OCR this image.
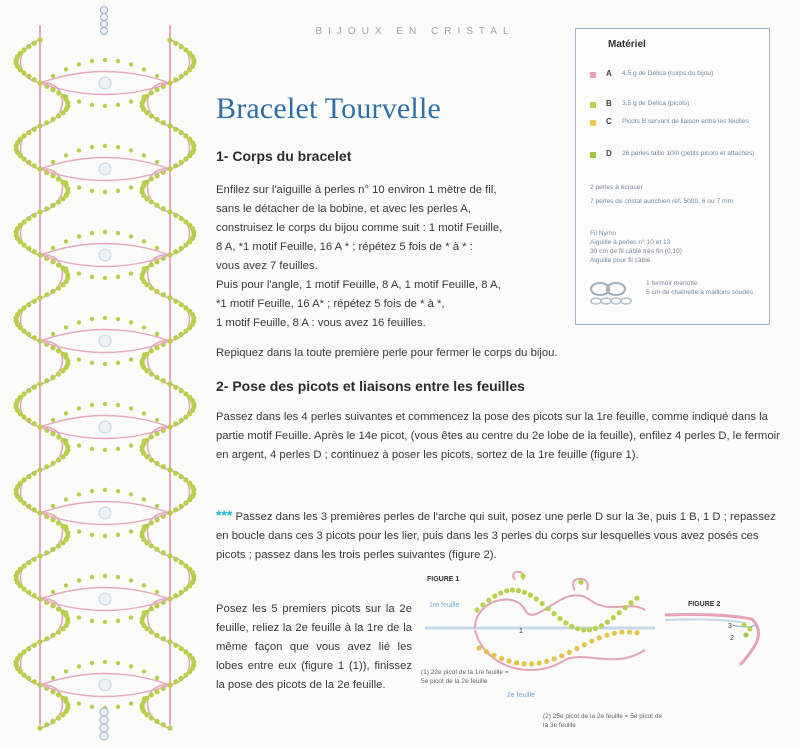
BIJOUX EN CRISTAL
Bracelet Tourvelle
1- Corps du bracelet

Enfilez sur l'aiguille à perles n° 10 environ 1 mètre de fil,
sans le détacher de la bobine, et avec les perles A,
construisez le corps du bijou comme suit : 1 motif Feuille,
8 A, *1 motif Feuille, 16 A * ; répétez 5 fois de * à * :
vous avez 7 feuilles.
Puis pour l'angle, 1 motif Feuille, 8 A, 1 motif Feuille, 8 A,
*1 motif Feuille, 16 A* ; répétez 5 fois de * à *,
1 motif Feuille, 8 A : vous avez 16 feuilles.

Repiquez dans la toute première perle pour fermer le corps du bijou.

2- Pose des picots et liaisons entre les feuilles

Passez dans les 4 perles suivantes et commencez la pose des picots sur la 1re feuille, comme indiqué dans la partie motif Feuille. Après le 14e picot, (vous êtes au centre du 2e lobe de la feuille), enfilez 4 perles D, le fermoir en argent, 4 perles D ; continuez à poser les picots, sortez de la 1re feuille (figure 1).

*** Passez dans les 3 premières perles de l'arche qui suit, posez une perle D sur la 3e, puis 1 B, 1 D ; repassez en boucle dans ces 3 picots pour les lier, puis dans les 3 perles du corps sur lesquelles vous avez posés ces picots ; passez dans les trois perles suivantes (figure 2).

Posez les 5 premiers picots sur la 2e feuille, reliez la 2e feuille à la 1re de la même façon que vous avez lié les lobes entre eux (figure 1 (1)), finissez la pose des picots de la 2e feuille.

Matériel
A 4,5 g de Delica (corps du bijou)
B 3,5 g de Delica (picots)
C Picots B servant de liaison entre les feuilles
D 26 perles taille 10/0 (petits picots et attaches)
2 perles à écraser
7 perles de cristal aurichien réf. 5000, 6 ou 7 mm
Fil Nymo
Aiguille à perles n° 10 et 13
30 cm de fil câblé très fin (0,10)
Aiguille pour fil câblé
1 fermoir menotte
5 cm de chaînette à maillons soudés
FIGURE 1
1re feuille
2e feuille
(1) 22e picot de la 1re feuille = 5e picot de la 2e feuille
(2) 25e picot de la 2e feuille = 5e picot de la 3e feuille
1
FIGURE 2
3
2
